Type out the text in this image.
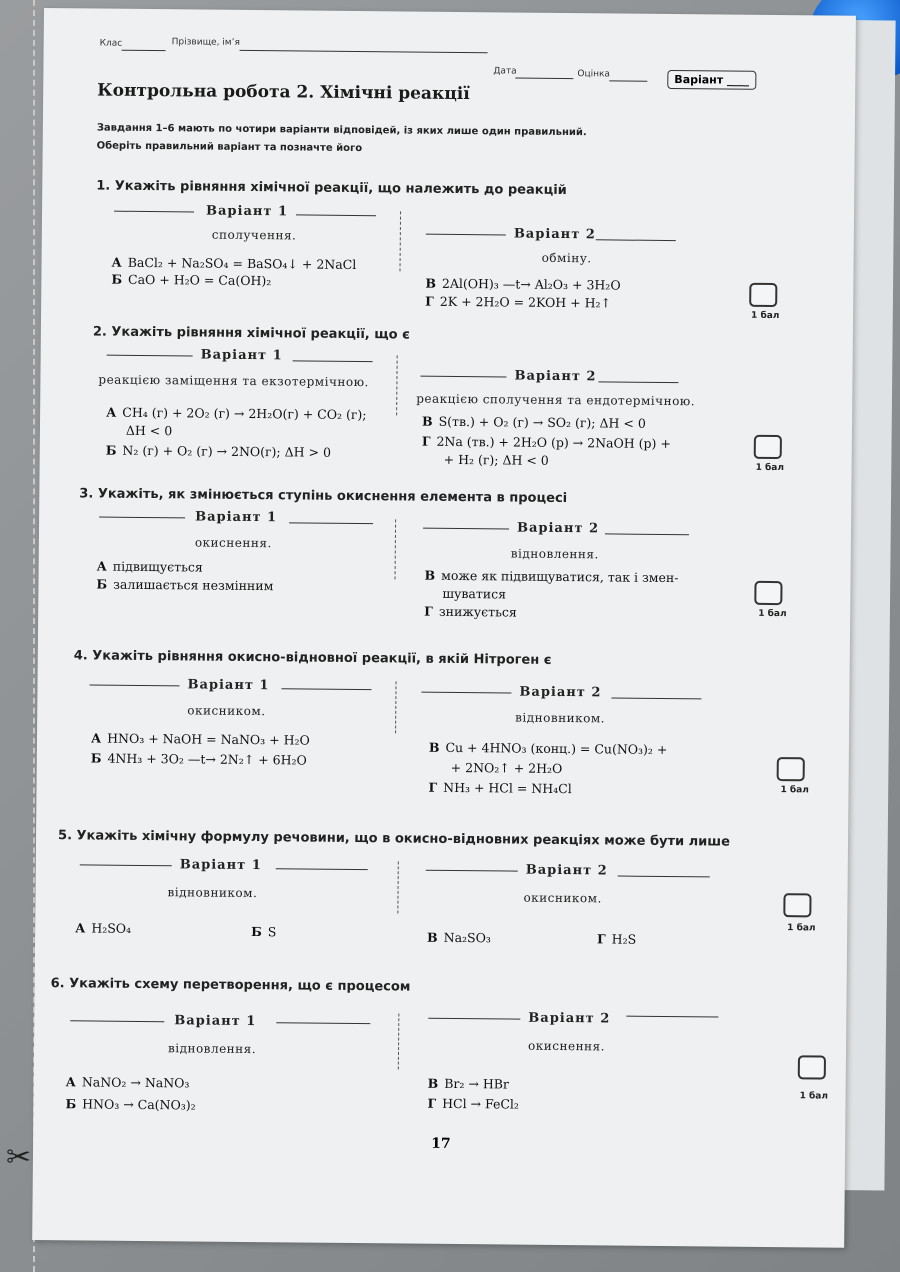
✂
Клас	Прізвище, ім’я
Дата	Оцінка	Варіант ____
Контрольна робота 2. Хімічні реакції
Завдання 1–6 мають по чотири варіанти відповідей, із яких лише один правильний.
Оберіть правильний варіант та позначте його
1. Укажіть рівняння хімічної реакції, що належить до реакцій
Варіант 1
сполучення.	Варіант 2
обміну.
А BaCl₂ + Na₂SO₄ = BaSO₄↓ + 2NaCl
Б CaO + H₂O = Ca(OH)₂	В 2Al(OH)₃ —t→ Al₂O₃ + 3H₂O
Г 2K + 2H₂O = 2KOH + H₂↑
1 бал
2. Укажіть рівняння хімічної реакції, що є
Варіант 1
реакцією заміщення та екзотермічною.	Варіант 2
реакцією сполучення та ендотермічною.
А CH₄ (г) + 2O₂ (г) → 2H₂O(г) + CO₂ (г);
ΔH < 0
Б N₂ (г) + O₂ (г) → 2NO(г); ΔH > 0
В S(тв.) + O₂ (г) → SO₂ (г); ΔH < 0
Г 2Na (тв.) + 2H₂O (р) → 2NaOH (р) +
+ H₂ (г); ΔH < 0
1 бал
3. Укажіть, як змінюється ступінь окиснення елемента в процесі
Варіант 1
окиснення.
Варіант 2
відновлення.
А підвищується
Б залишається незмінним
В може як підвищуватися, так і змен-
шуватися
Г знижується	1 бал
4. Укажіть рівняння окисно-відновної реакції, в якій Нітроген є
Варіант 1
окисником.
Варіант 2
відновником.
А HNO₃ + NaOH = NaNO₃ + H₂O
Б 4NH₃ + 3O₂ —t→ 2N₂↑ + 6H₂O
В Cu + 4HNO₃ (конц.) = Cu(NO₃)₂ +
+ 2NO₂↑ + 2H₂O
Г NH₃ + HCl = NH₄Cl	1 бал
5. Укажіть хімічну формулу речовини, що в окисно-відновних реакціях може бути лише
Варіант 1
відновником.
Варіант 2
окисником.
А H₂SO₄	Б S	В Na₂SO₃	Г H₂S
1 бал
6. Укажіть схему перетворення, що є процесом
Варіант 1
відновлення.
Варіант 2
окиснення.
А NaNO₂ → NaNO₃
Б HNO₃ → Ca(NO₃)₂
В Br₂ → HBr
Г HCl → FeCl₂	1 бал
17
